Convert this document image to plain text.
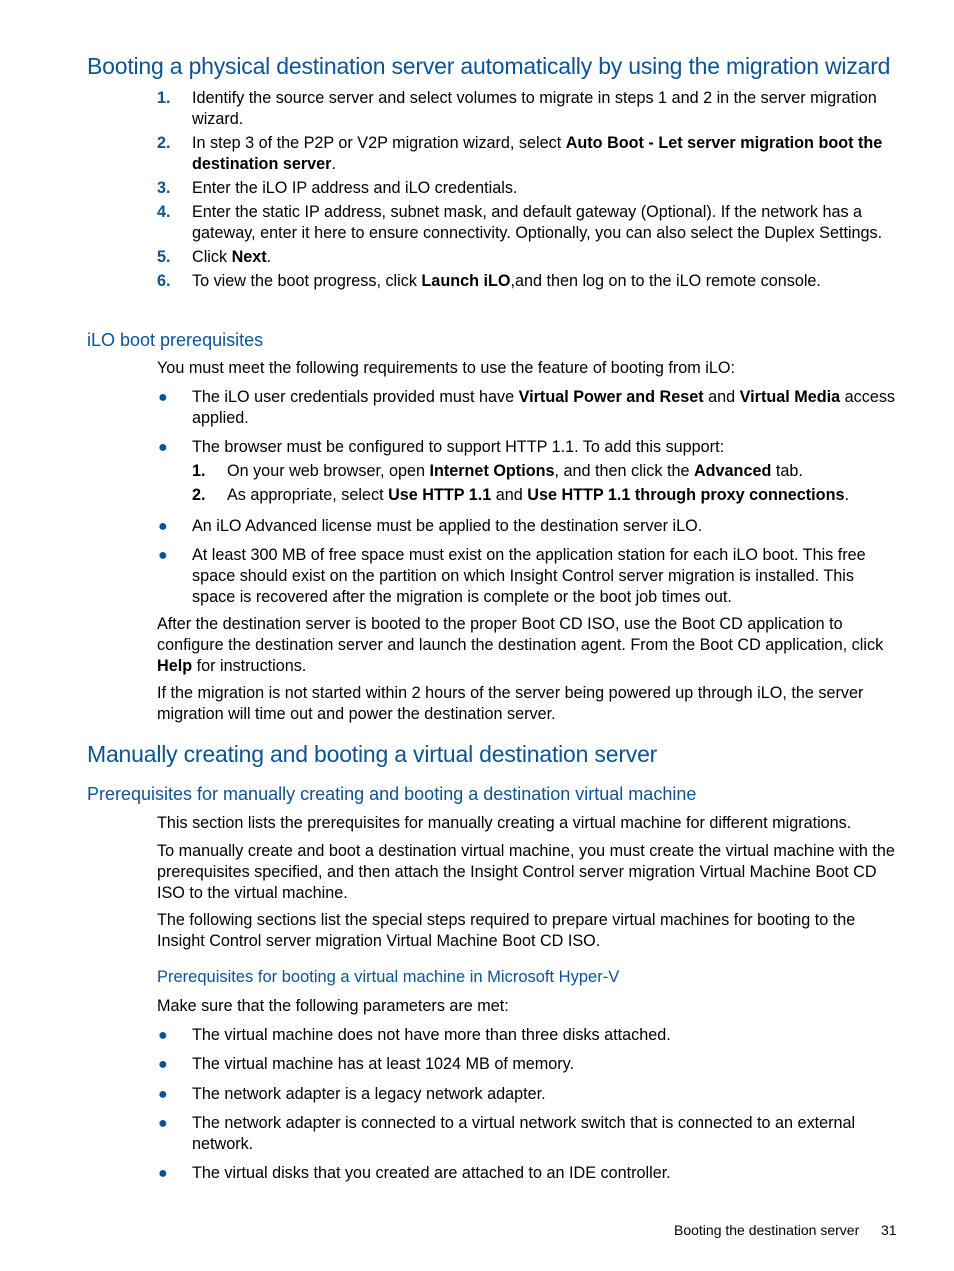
Booting a physical destination server automatically by using the migration wizard
1. Identify the source server and select volumes to migrate in steps 1 and 2 in the server migration wizard.
2. In step 3 of the P2P or V2P migration wizard, select Auto Boot - Let server migration boot the destination server.
3. Enter the iLO IP address and iLO credentials.
4. Enter the static IP address, subnet mask, and default gateway (Optional). If the network has a gateway, enter it here to ensure connectivity. Optionally, you can also select the Duplex Settings.
5. Click Next.
6. To view the boot progress, click Launch iLO,and then log on to the iLO remote console.
iLO boot prerequisites
You must meet the following requirements to use the feature of booting from iLO:
● The iLO user credentials provided must have Virtual Power and Reset and Virtual Media access applied.
● The browser must be configured to support HTTP 1.1. To add this support:
1. On your web browser, open Internet Options, and then click the Advanced tab.
2. As appropriate, select Use HTTP 1.1 and Use HTTP 1.1 through proxy connections.
● An iLO Advanced license must be applied to the destination server iLO.
● At least 300 MB of free space must exist on the application station for each iLO boot. This free space should exist on the partition on which Insight Control server migration is installed. This space is recovered after the migration is complete or the boot job times out.
After the destination server is booted to the proper Boot CD ISO, use the Boot CD application to configure the destination server and launch the destination agent. From the Boot CD application, click Help for instructions.
If the migration is not started within 2 hours of the server being powered up through iLO, the server migration will time out and power the destination server.
Manually creating and booting a virtual destination server
Prerequisites for manually creating and booting a destination virtual machine
This section lists the prerequisites for manually creating a virtual machine for different migrations.
To manually create and boot a destination virtual machine, you must create the virtual machine with the prerequisites specified, and then attach the Insight Control server migration Virtual Machine Boot CD ISO to the virtual machine.
The following sections list the special steps required to prepare virtual machines for booting to the Insight Control server migration Virtual Machine Boot CD ISO.
Prerequisites for booting a virtual machine in Microsoft Hyper-V
Make sure that the following parameters are met:
● The virtual machine does not have more than three disks attached.
● The virtual machine has at least 1024 MB of memory.
● The network adapter is a legacy network adapter.
● The network adapter is connected to a virtual network switch that is connected to an external network.
● The virtual disks that you created are attached to an IDE controller.
Booting the destination server 31
